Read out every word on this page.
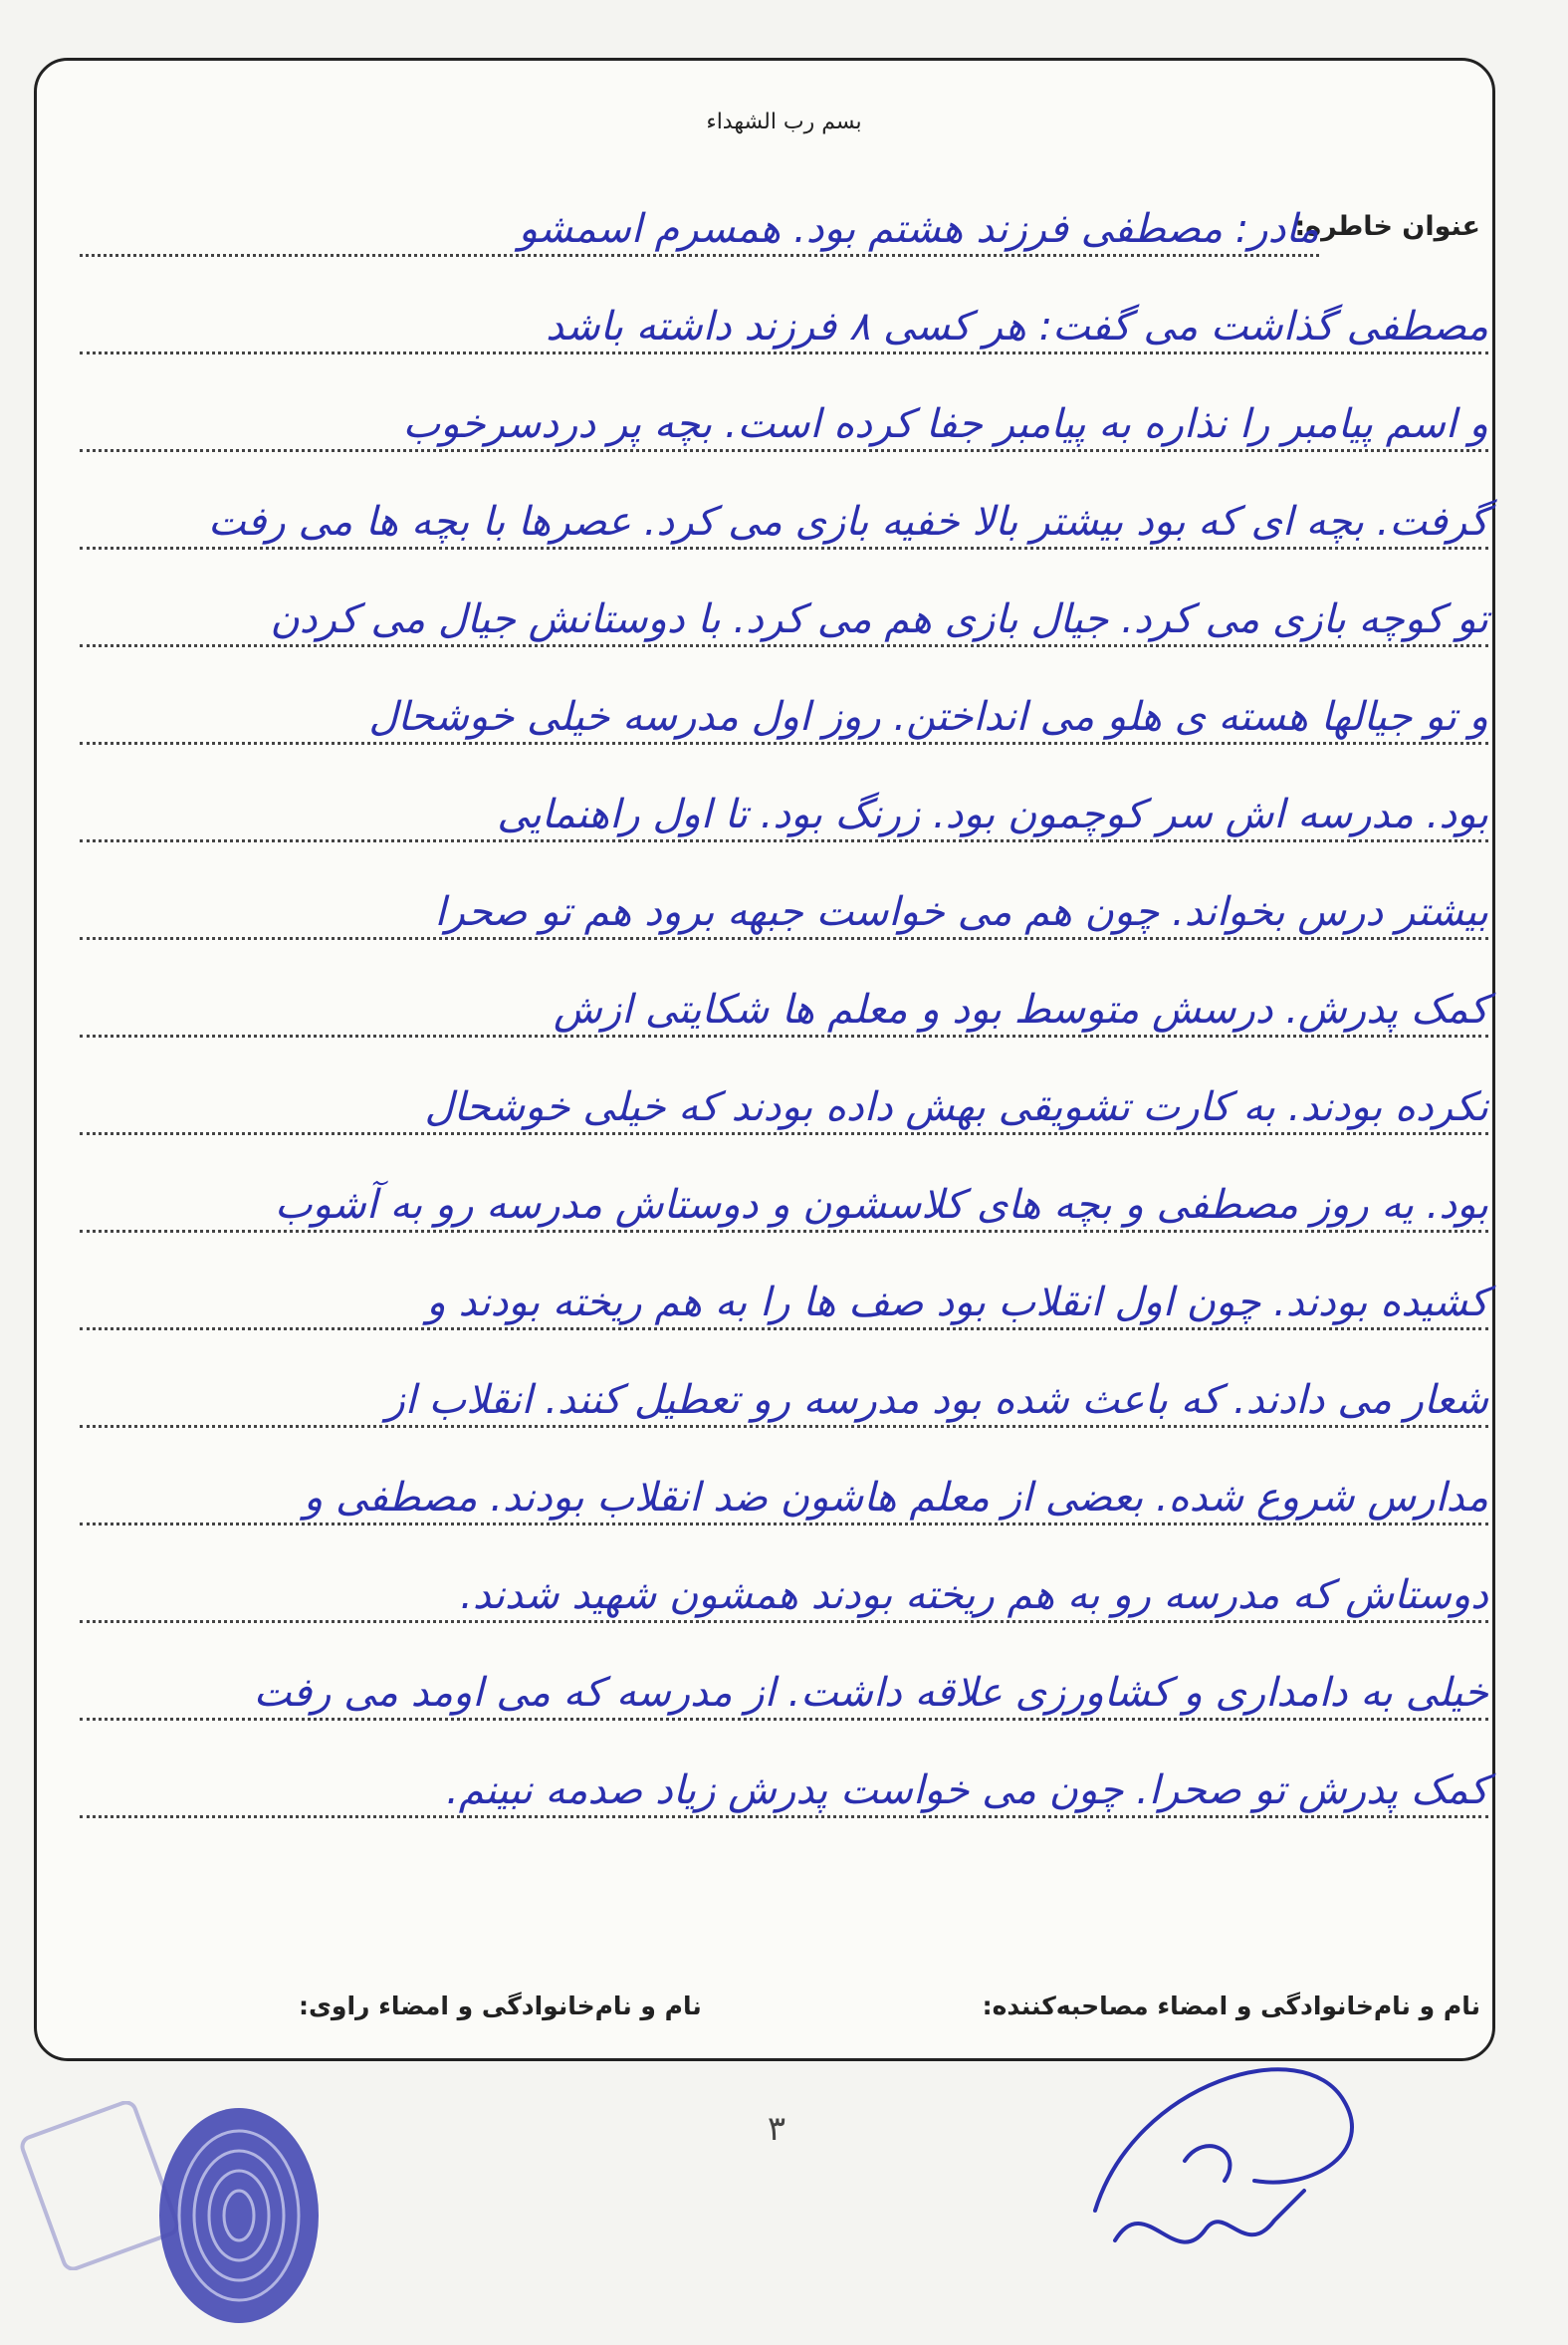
بسم رب الشهداء
عنوان خاطره:
مادر: مصطفی فرزند هشتم بود. همسرم اسمشو
مصطفی گذاشت می گفت: هر کسی ۸ فرزند داشته باشد
و اسم پیامبر را نذاره به پیامبر جفا کرده است. بچه پر دردسرخوب
گرفت. بچه ای که بود بیشتر بالا خفیه بازی می کرد. عصرها با بچه ها می رفت
تو کوچه بازی می کرد. جیال بازی هم می کرد. با دوستانش جیال می کردن
و تو جیالها هسته ی هلو می انداختن. روز اول مدرسه خیلی خوشحال
بود. مدرسه اش سر کوچمون بود. زرنگ بود. تا اول راهنمایی
بیشتر درس بخواند. چون هم می خواست جبهه برود هم تو صحرا
کمک پدرش. درسش متوسط بود و معلم ها شکایتی ازش
نکرده بودند. به کارت تشویقی بهش داده بودند که خیلی خوشحال
بود. یه روز مصطفی و بچه های کلاسشون و دوستاش مدرسه رو به آشوب
کشیده بودند. چون اول انقلاب بود صف ها را به هم ریخته بودند و
شعار می دادند. که باعث شده بود مدرسه رو تعطیل کنند. انقلاب از
مدارس شروع شده. بعضی از معلم هاشون ضد انقلاب بودند. مصطفی و
دوستاش که مدرسه رو به هم ریخته بودند همشون شهید شدند.
خیلی به دامداری و کشاورزی علاقه داشت. از مدرسه که می اومد می رفت
کمک پدرش تو صحرا. چون می خواست پدرش زیاد صدمه نبینم.
نام و نام‌خانوادگی و امضاء مصاحبه‌کننده:
نام و نام‌خانوادگی و امضاء راوی:
۳
